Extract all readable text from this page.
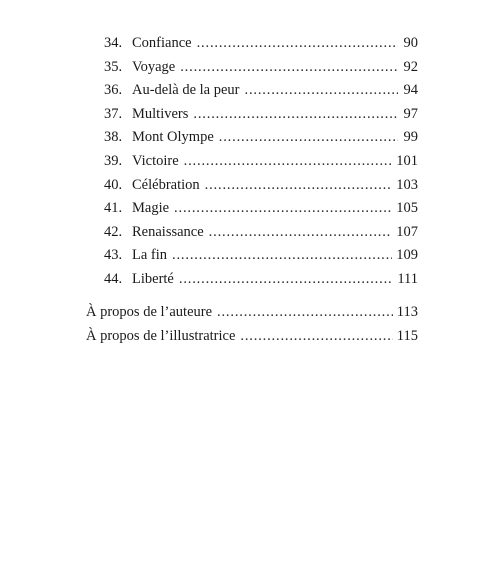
34. Confiance . . .	90
35. Voyage . . .	92
36. Au-delà de la peur . . .	94
37. Multivers . . .	97
38. Mont Olympe . . .	99
39. Victoire . . .	101
40. Célébration . . .	103
41. Magie . . .	105
42. Renaissance . . .	107
43. La fin . . .	109
44. Liberté . . .	111
À propos de l’auteure . . .	113
À propos de l’illustratrice . . .	115
